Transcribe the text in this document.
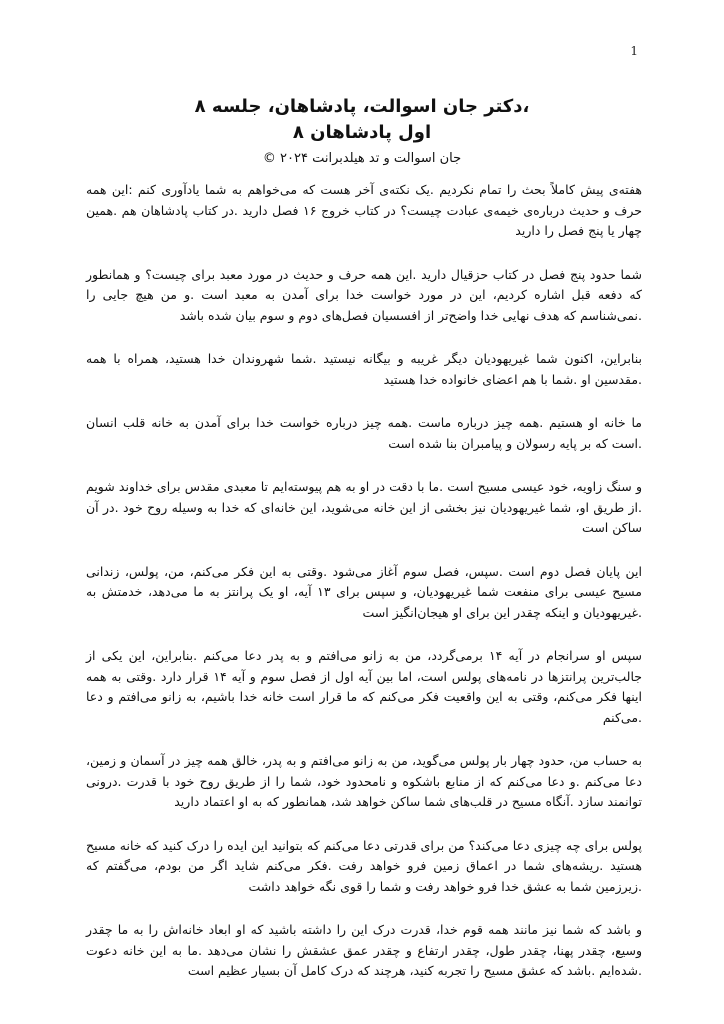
1

،دکتر جان اسوالت، پادشاهان، جلسه ۸

اول پادشاهان ۸

جان اسوالت و تد هیلدبرانت ۲۰۲۴ ©

هفته‌ی پیش کاملاً بحث را تمام نکردیم .یک نکته‌ی آخر هست که می‌خواهم به شما یادآوری کنم :این همه حرف و حدیث درباره‌ی خیمه‌ی عبادت چیست؟ در کتاب خروج ۱۶ فصل دارید .در کتاب پادشاهان هم .همین چهار یا پنج فصل را دارید

شما حدود پنج فصل در کتاب حزقیال دارید .این همه حرف و حدیث در مورد معبد برای چیست؟ و همانطور که دفعه قبل اشاره کردیم، این در مورد خواست خدا برای آمدن به معبد است .و من هیچ جایی را .نمی‌شناسم که هدف نهایی خدا واضح‌تر از افسسیان فصل‌های دوم و سوم بیان شده باشد

بنابراین، اکنون شما غیریهودیان دیگر غریبه و بیگانه نیستید .شما شهروندان خدا هستید، همراه با همه .مقدسین او .شما با هم اعضای خانواده خدا هستید

ما خانه او هستیم .همه چیز درباره ماست .همه چیز درباره خواست خدا برای آمدن به خانه قلب انسان .است که بر پایه رسولان و پیامبران بنا شده است

و سنگ زاویه، خود عیسی مسیح است .ما با دقت در او به هم پیوسته‌ایم تا معبدی مقدس برای خداوند شویم .از طریق او، شما غیریهودیان نیز بخشی از این خانه می‌شوید، این خانه‌ای که خدا به وسیله روح خود .در آن ساکن است

این پایان فصل دوم است .سپس، فصل سوم آغاز می‌شود .وقتی به این فکر می‌کنم، من، پولس، زندانی مسیح عیسی برای منفعت شما غیریهودیان، و سپس برای ۱۳ آیه، او یک پرانتز به ما می‌دهد، خدمتش به .غیریهودیان و اینکه چقدر این برای او هیجان‌انگیز است

سپس او سرانجام در آیه ۱۴ برمی‌گردد، من به زانو می‌افتم و به پدر دعا می‌کنم .بنابراین، این یکی از جالب‌ترین پرانتزها در نامه‌های پولس است، اما بین آیه اول از فصل سوم و آیه ۱۴ قرار دارد .وقتی به همه اینها فکر می‌کنم، وقتی به این واقعیت فکر می‌کنم که ما قرار است خانه خدا باشیم، به زانو می‌افتم و دعا .می‌کنم

به حساب من، حدود چهار بار پولس می‌گوید، من به زانو می‌افتم و به پدر، خالق همه چیز در آسمان و زمین، دعا می‌کنم .و دعا می‌کنم که از منابع باشکوه و نامحدود خود، شما را از طریق روح خود با قدرت .درونی توانمند سازد .آنگاه مسیح در قلب‌های شما ساکن خواهد شد، همانطور که به او اعتماد دارید

پولس برای چه چیزی دعا می‌کند؟ من برای قدرتی دعا می‌کنم که بتوانید این ایده را درک کنید که خانه مسیح هستید .ریشه‌های شما در اعماق زمین فرو خواهد رفت .فکر می‌کنم شاید اگر من بودم، می‌گفتم که .زیرزمین شما به عشق خدا فرو خواهد رفت و شما را قوی نگه خواهد داشت

و باشد که شما نیز مانند همه قوم خدا، قدرت درک این را داشته باشید که او ابعاد خانه‌اش را به ما چقدر وسیع، چقدر پهنا، چقدر طول، چقدر ارتفاع و چقدر عمق عشقش را نشان می‌دهد .ما به این خانه دعوت .شده‌ایم .باشد که عشق مسیح را تجربه کنید، هرچند که درک کامل آن بسیار عظیم است
